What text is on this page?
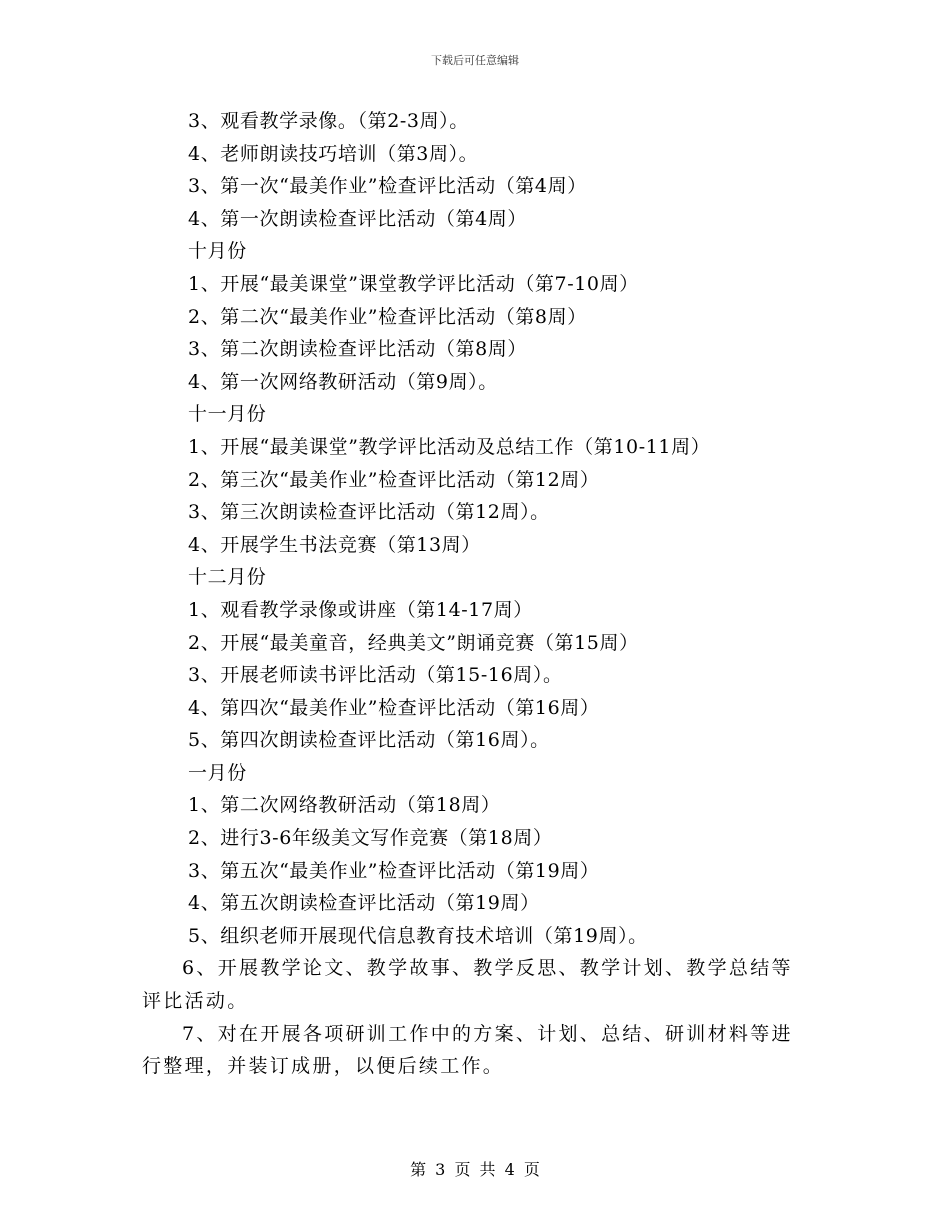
下载后可任意编辑
3、观看教学录像。（第2-3周）。
4、老师朗读技巧培训（第3周）。
3、第一次“最美作业”检查评比活动（第4周）
4、第一次朗读检查评比活动（第4周）
十月份
1、开展“最美课堂”课堂教学评比活动（第7-10周）
2、第二次“最美作业”检查评比活动（第8周）
3、第二次朗读检查评比活动（第8周）
4、第一次网络教研活动（第9周）。
十一月份
1、开展“最美课堂”教学评比活动及总结工作（第10-11周）
2、第三次“最美作业”检查评比活动（第12周）
3、第三次朗读检查评比活动（第12周）。
4、开展学生书法竞赛（第13周）
十二月份
1、观看教学录像或讲座（第14-17周）
2、开展“最美童音，经典美文”朗诵竞赛（第15周）
3、开展老师读书评比活动（第15-16周）。
4、第四次“最美作业”检查评比活动（第16周）
5、第四次朗读检查评比活动（第16周）。
一月份
1、第二次网络教研活动（第18周）
2、进行3-6年级美文写作竞赛（第18周）
3、第五次“最美作业”检查评比活动（第19周）
4、第五次朗读检查评比活动（第19周）
5、组织老师开展现代信息教育技术培训（第19周）。
6、开展教学论文、教学故事、教学反思、教学计划、教学总结等评比活动。
7、对在开展各项研训工作中的方案、计划、总结、研训材料等进行整理，并装订成册，以便后续工作。
第 3 页 共 4 页
